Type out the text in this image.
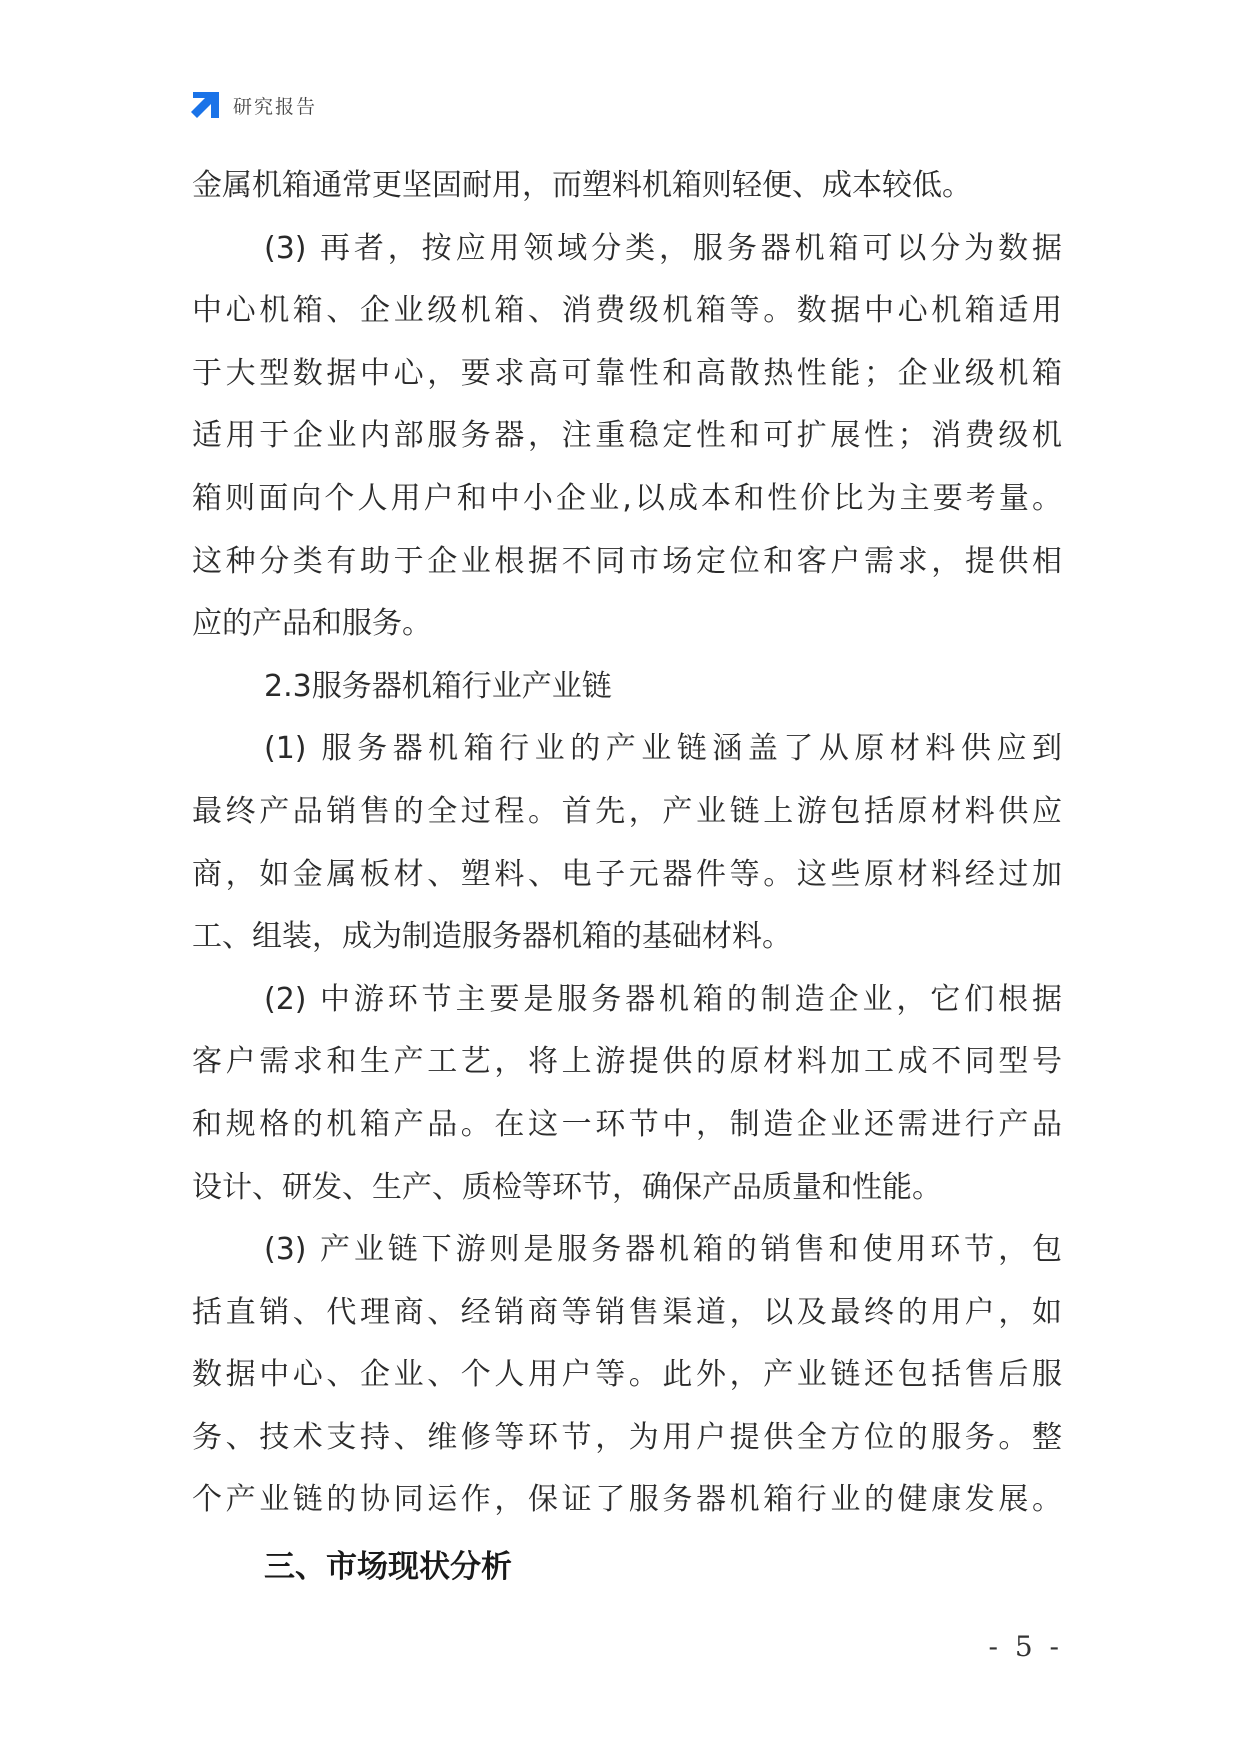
研究报告
金属机箱通常更坚固耐用，而塑料机箱则轻便、成本较低。
(3) 再者，按应用领域分类，服务器机箱可以分为数据
中心机箱、企业级机箱、消费级机箱等。数据中心机箱适用
于大型数据中心，要求高可靠性和高散热性能；企业级机箱
适用于企业内部服务器，注重稳定性和可扩展性；消费级机
箱则面向个人用户和中小企业,以成本和性价比为主要考量。
这种分类有助于企业根据不同市场定位和客户需求，提供相
应的产品和服务。
2.3服务器机箱行业产业链
(1) 服务器机箱行业的产业链涵盖了从原材料供应到
最终产品销售的全过程。首先，产业链上游包括原材料供应
商，如金属板材、塑料、电子元器件等。这些原材料经过加
工、组装，成为制造服务器机箱的基础材料。
(2) 中游环节主要是服务器机箱的制造企业，它们根据
客户需求和生产工艺，将上游提供的原材料加工成不同型号
和规格的机箱产品。在这一环节中，制造企业还需进行产品
设计、研发、生产、质检等环节，确保产品质量和性能。
(3) 产业链下游则是服务器机箱的销售和使用环节，包
括直销、代理商、经销商等销售渠道，以及最终的用户，如
数据中心、企业、个人用户等。此外，产业链还包括售后服
务、技术支持、维修等环节，为用户提供全方位的服务。整
个产业链的协同运作，保证了服务器机箱行业的健康发展。
三、市场现状分析
- 5 -
